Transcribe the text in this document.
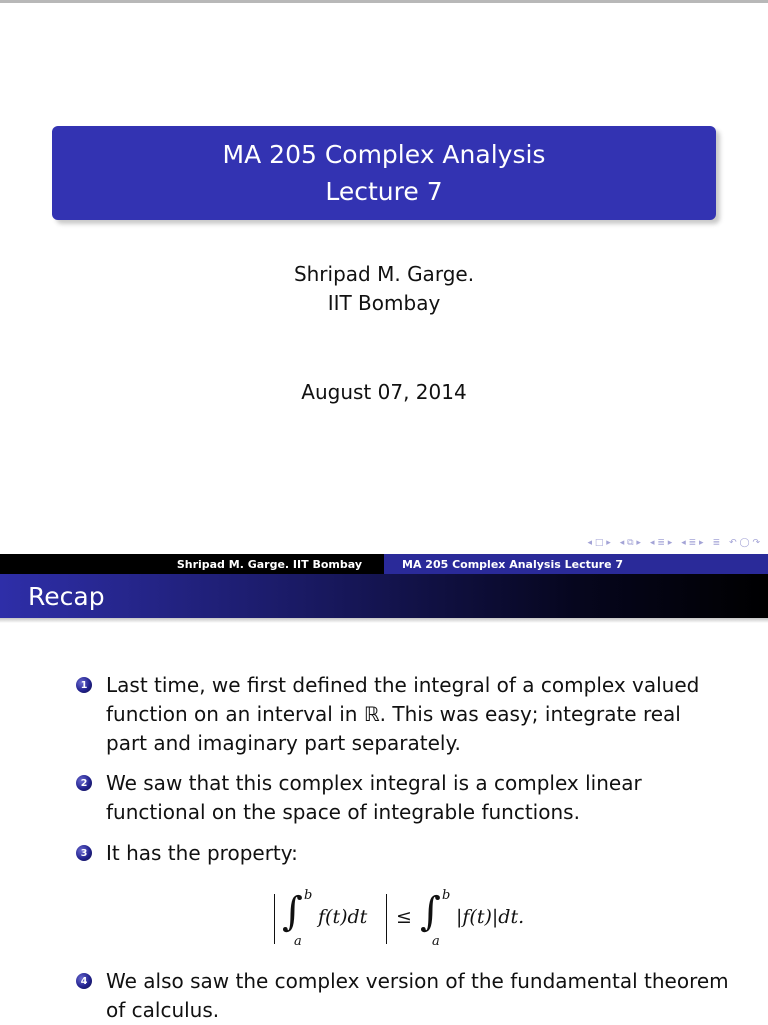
MA 205 Complex Analysis
Lecture 7
Shripad M. Garge.
IIT Bombay
August 07, 2014
◂ □ ▸ ◂ ⧉ ▸ ◂ ≣ ▸ ◂ ≣ ▸ ≣ ↶ ◯ ↷
Shripad M. Garge. IIT Bombay	MA 205 Complex Analysis Lecture 7
Recap
1 Last time, we first defined the integral of a complex valued
function on an interval in ℝ. This was easy; integrate real
part and imaginary part separately.
2 We saw that this complex integral is a complex linear
functional on the space of integrable functions.
3 It has the property:
∫ b
a
f(t)dt ≤ ∫ b
a
|f(t)|dt.
4 We also saw the complex version of the fundamental theorem
of calculus.
